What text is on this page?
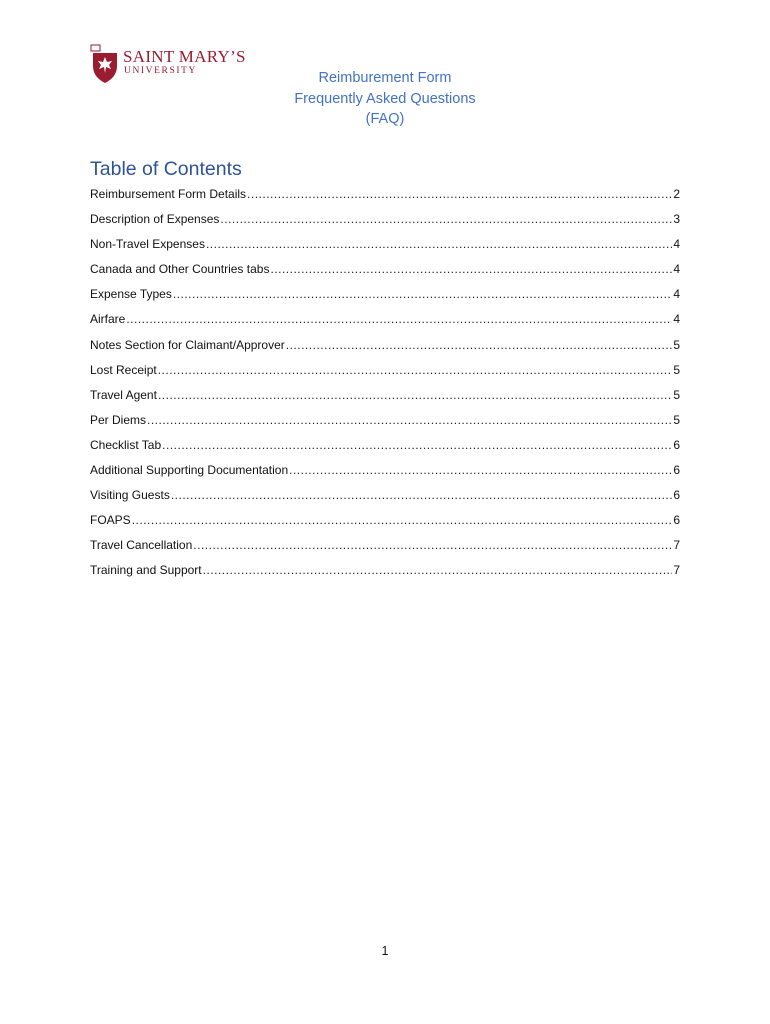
SAINT MARY’S
UNIVERSITY	Reimburement Form
Frequently Asked Questions
(FAQ)
Table of Contents
Reimbursement Form Details .....	2
Description of Expenses .....	3
Non-Travel Expenses .....	4
Canada and Other Countries tabs .....	4
Expense Types .....	4
Airfare .....	4
Notes Section for Claimant/Approver .....	5
Lost Receipt .....	5
Travel Agent .....	5
Per Diems .....	5
Checklist Tab .....	6
Additional Supporting Documentation .....	6
Visiting Guests .....	6
FOAPS .....	6
Travel Cancellation .....	7
Training and Support .....	7
1
